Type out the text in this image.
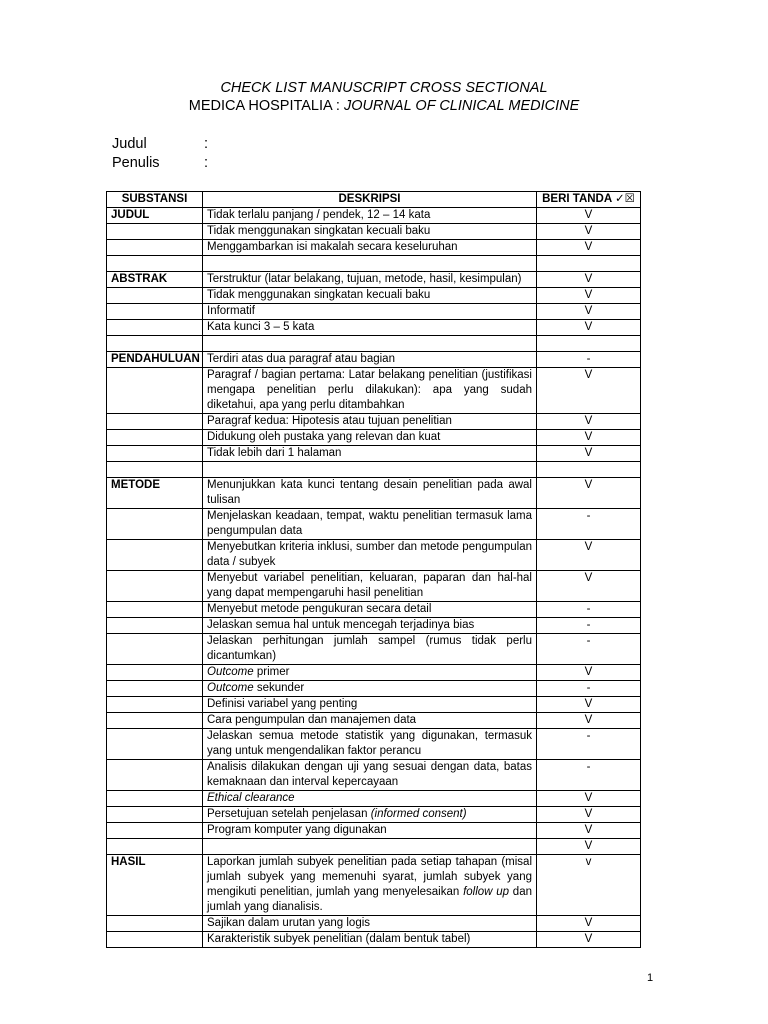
CHECK LIST MANUSCRIPT CROSS SECTIONAL
MEDICA HOSPITALIA : JOURNAL OF CLINICAL MEDICINE
Judul	:
Penulis	:
SUBSTANSI	DESKRIPSI	BERI TANDA ✓☒
JUDUL	Tidak terlalu panjang / pendek, 12 – 14 kata	V
	Tidak menggunakan singkatan kecuali baku	V
	Menggambarkan isi makalah secara keseluruhan	V

ABSTRAK	Terstruktur (latar belakang, tujuan, metode, hasil, kesimpulan)	V
	Tidak menggunakan singkatan kecuali baku	V
	Informatif	V
	Kata kunci 3 – 5 kata	V

PENDAHULUAN	Terdiri atas dua paragraf atau bagian	-
	Paragraf / bagian pertama: Latar belakang penelitian (justifikasi mengapa penelitian perlu dilakukan): apa yang sudah diketahui, apa yang perlu ditambahkan	V
	Paragraf kedua: Hipotesis atau tujuan penelitian	V
	Didukung oleh pustaka yang relevan dan kuat	V
	Tidak lebih dari 1 halaman	V

METODE	Menunjukkan kata kunci tentang desain penelitian pada awal tulisan	V
	Menjelaskan keadaan, tempat, waktu penelitian termasuk lama pengumpulan data	-
	Menyebutkan kriteria inklusi, sumber dan metode pengumpulan data / subyek	V
	Menyebut variabel penelitian, keluaran, paparan dan hal-hal yang dapat mempengaruhi hasil penelitian	V
	Menyebut metode pengukuran secara detail	-
	Jelaskan semua hal untuk mencegah terjadinya bias	-
	Jelaskan perhitungan jumlah sampel (rumus tidak perlu dicantumkan)	-
	Outcome primer	V
	Outcome sekunder	-
	Definisi variabel yang penting	V
	Cara pengumpulan dan manajemen data	V
	Jelaskan semua metode statistik yang digunakan, termasuk yang untuk mengendalikan faktor perancu	-
	Analisis dilakukan dengan uji yang sesuai dengan data, batas kemaknaan dan interval kepercayaan	-
	Ethical clearance	V
	Persetujuan setelah penjelasan (informed consent)	V
	Program komputer yang digunakan	V
		V
HASIL	Laporkan jumlah subyek penelitian pada setiap tahapan (misal jumlah subyek yang memenuhi syarat, jumlah subyek yang mengikuti penelitian, jumlah yang menyelesaikan follow up dan jumlah yang dianalisis.	v
	Sajikan dalam urutan yang logis	V
	Karakteristik subyek penelitian (dalam bentuk tabel)	V
1
